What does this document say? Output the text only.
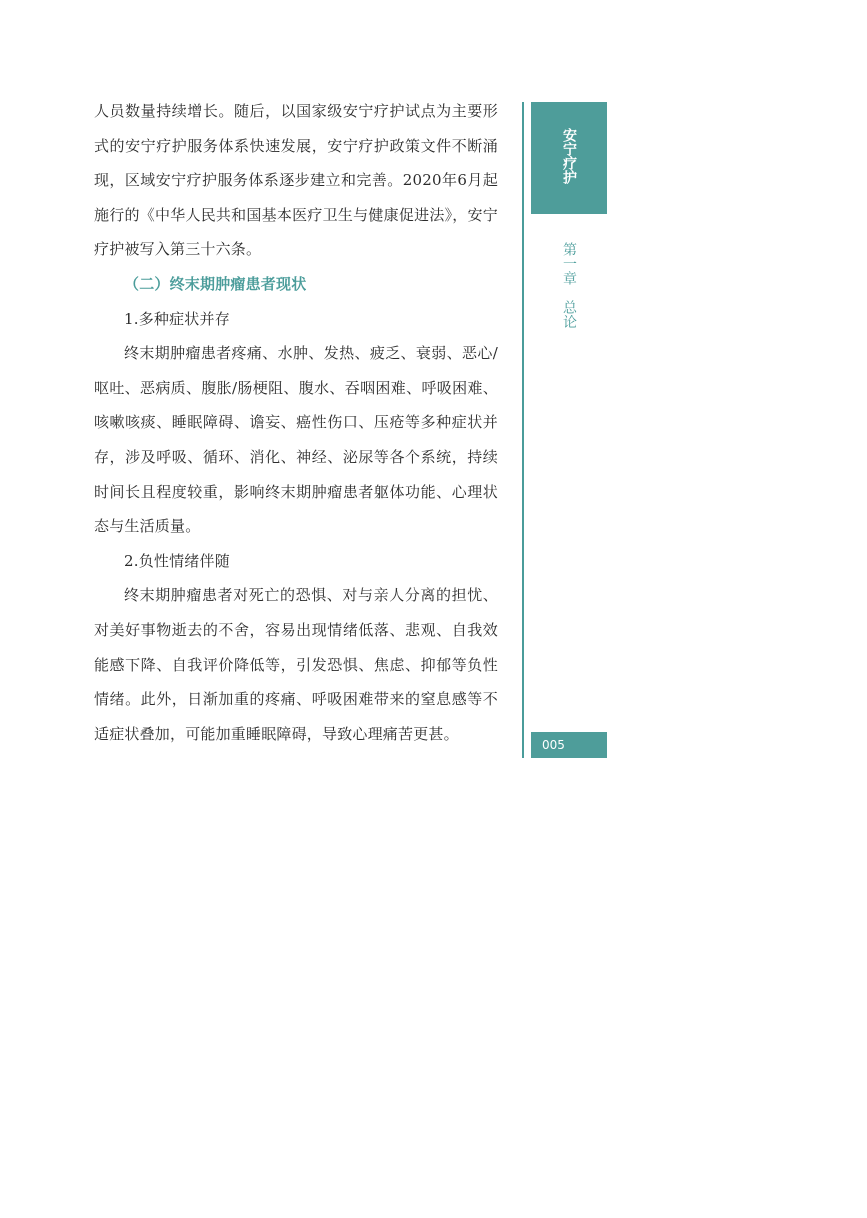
人员数量持续增长。随后，以国家级安宁疗护试点为主要形式的安宁疗护服务体系快速发展，安宁疗护政策文件不断涌现，区域安宁疗护服务体系逐步建立和完善。2020年6月起施行的《中华人民共和国基本医疗卫生与健康促进法》，安宁疗护被写入第三十六条。

（二）终末期肿瘤患者现状

1.多种症状并存

终末期肿瘤患者疼痛、水肿、发热、疲乏、衰弱、恶心/呕吐、恶病质、腹胀/肠梗阻、腹水、吞咽困难、呼吸困难、咳嗽咳痰、睡眠障碍、谵妄、癌性伤口、压疮等多种症状并存，涉及呼吸、循环、消化、神经、泌尿等各个系统，持续时间长且程度较重，影响终末期肿瘤患者躯体功能、心理状态与生活质量。

2.负性情绪伴随

终末期肿瘤患者对死亡的恐惧、对与亲人分离的担忧、对美好事物逝去的不舍，容易出现情绪低落、悲观、自我效能感下降、自我评价降低等，引发恐惧、焦虑、抑郁等负性情绪。此外，日渐加重的疼痛、呼吸困难带来的窒息感等不适症状叠加，可能加重睡眠障碍，导致心理痛苦更甚。

安宁疗护
第一章　总论
005
